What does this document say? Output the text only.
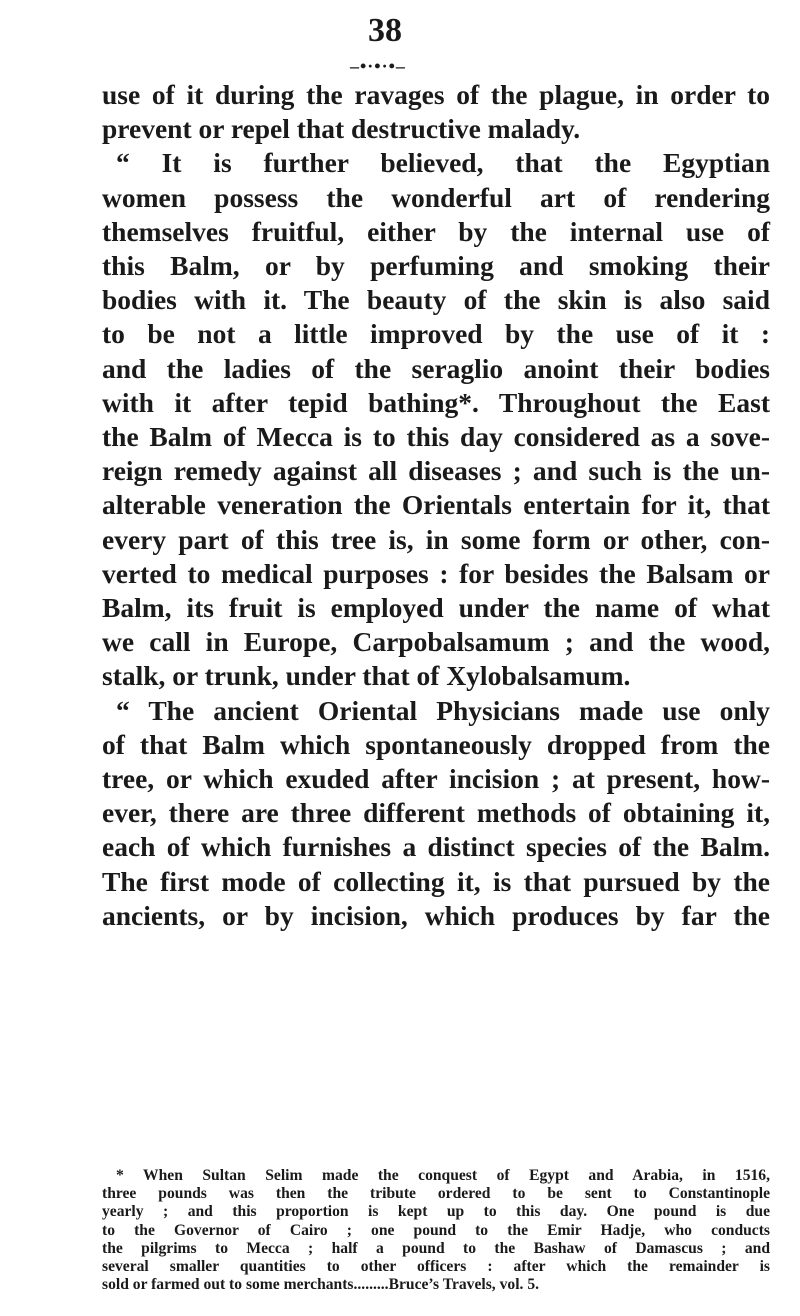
38
–•·•·•–
use of it during the ravages of the plague, in order to
prevent or repel that destructive malady.
“ It is further believed, that the Egyptian
women possess the wonderful art of rendering
themselves fruitful, either by the internal use of
this Balm, or by perfuming and smoking their
bodies with it. The beauty of the skin is also said
to be not a little improved by the use of it :
and the ladies of the seraglio anoint their bodies
with it after tepid bathing*. Throughout the East
the Balm of Mecca is to this day considered as a sove-
reign remedy against all diseases ; and such is the un-
alterable veneration the Orientals entertain for it, that
every part of this tree is, in some form or other, con-
verted to medical purposes : for besides the Balsam or
Balm, its fruit is employed under the name of what
we call in Europe, Carpobalsamum ; and the wood,
stalk, or trunk, under that of Xylobalsamum.
“ The ancient Oriental Physicians made use only
of that Balm which spontaneously dropped from the
tree, or which exuded after incision ; at present, how-
ever, there are three different methods of obtaining it,
each of which furnishes a distinct species of the Balm.
The first mode of collecting it, is that pursued by the
ancients, or by incision, which produces by far the
* When Sultan Selim made the conquest of Egypt and Arabia, in 1516,
three pounds was then the tribute ordered to be sent to Constantinople
yearly ; and this proportion is kept up to this day. One pound is due
to the Governor of Cairo ; one pound to the Emir Hadje, who conducts
the pilgrims to Mecca ; half a pound to the Bashaw of Damascus ; and
several smaller quantities to other officers : after which the remainder is
sold or farmed out to some merchants.........Bruce’s Travels, vol. 5.
